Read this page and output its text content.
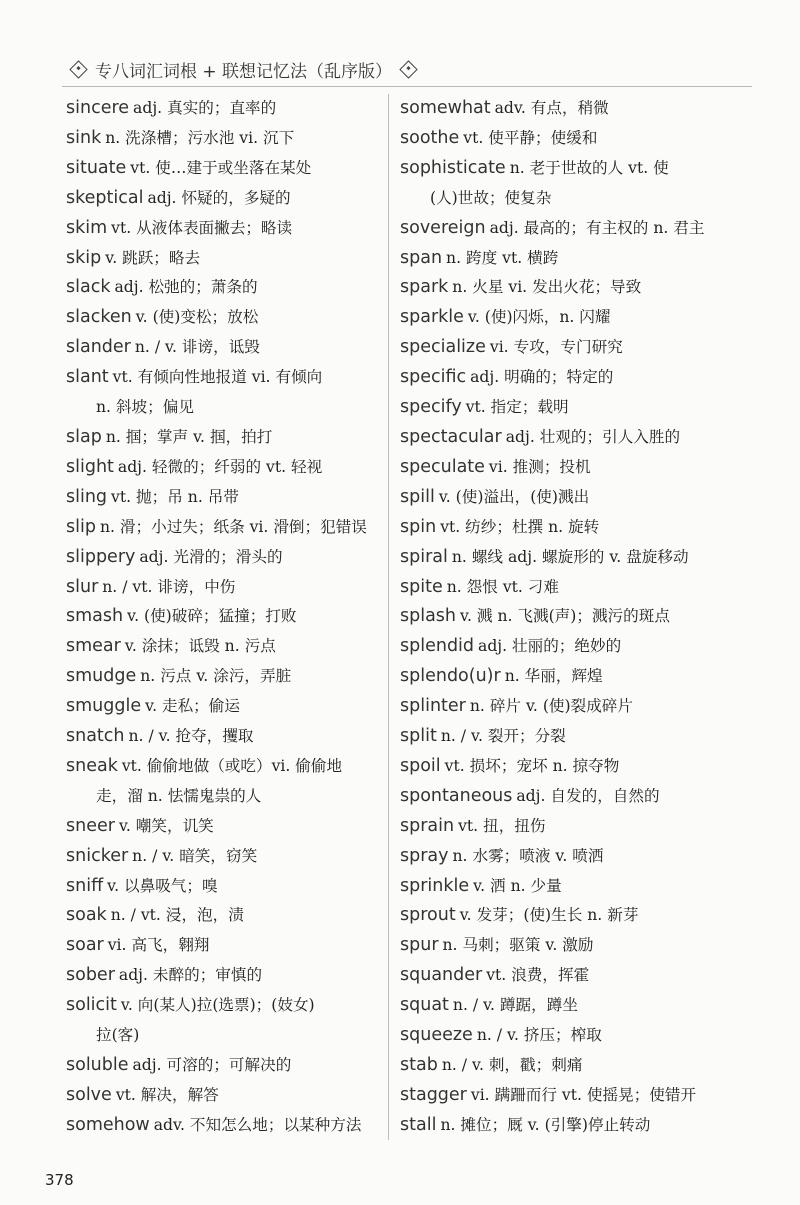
专八词汇词根 + 联想记忆法（乱序版）
sincere adj. 真实的；直率的
sink n. 洗涤槽；污水池 vi. 沉下
situate vt. 使…建于或坐落在某处
skeptical adj. 怀疑的，多疑的
skim vt. 从液体表面撇去；略读
skip v. 跳跃；略去
slack adj. 松弛的；萧条的
slacken v. (使)变松；放松
slander n. / v. 诽谤，诋毁
slant vt. 有倾向性地报道 vi. 有倾向
n. 斜坡；偏见
slap n. 掴；掌声 v. 掴，拍打
slight adj. 轻微的；纤弱的 vt. 轻视
sling vt. 抛；吊 n. 吊带
slip n. 滑；小过失；纸条 vi. 滑倒；犯错误
slippery adj. 光滑的；滑头的
slur n. / vt. 诽谤，中伤
smash v. (使)破碎；猛撞；打败
smear v. 涂抹；诋毁 n. 污点
smudge n. 污点 v. 涂污，弄脏
smuggle v. 走私；偷运
snatch n. / v. 抢夺，攫取
sneak vt. 偷偷地做（或吃）vi. 偷偷地
走，溜 n. 怯懦鬼祟的人
sneer v. 嘲笑，讥笑
snicker n. / v. 暗笑，窃笑
sniff v. 以鼻吸气；嗅
soak n. / vt. 浸，泡，渍
soar vi. 高飞，翱翔
sober adj. 未醉的；审慎的
solicit v. 向(某人)拉(选票)；(妓女)
拉(客)
soluble adj. 可溶的；可解决的
solve vt. 解决，解答
somehow adv. 不知怎么地；以某种方法
somewhat adv. 有点，稍微
soothe vt. 使平静；使缓和
sophisticate n. 老于世故的人 vt. 使
(人)世故；使复杂
sovereign adj. 最高的；有主权的 n. 君主
span n. 跨度 vt. 横跨
spark n. 火星 vi. 发出火花；导致
sparkle v. (使)闪烁，n. 闪耀
specialize vi. 专攻，专门研究
specific adj. 明确的；特定的
specify vt. 指定；载明
spectacular adj. 壮观的；引人入胜的
speculate vi. 推测；投机
spill v. (使)溢出，(使)溅出
spin vt. 纺纱；杜撰 n. 旋转
spiral n. 螺线 adj. 螺旋形的 v. 盘旋移动
spite n. 怨恨 vt. 刁难
splash v. 溅 n. 飞溅(声)；溅污的斑点
splendid adj. 壮丽的；绝妙的
splendo(u)r n. 华丽，辉煌
splinter n. 碎片 v. (使)裂成碎片
split n. / v. 裂开；分裂
spoil vt. 损坏；宠坏 n. 掠夺物
spontaneous adj. 自发的，自然的
sprain vt. 扭，扭伤
spray n. 水雾；喷液 v. 喷洒
sprinkle v. 洒 n. 少量
sprout v. 发芽；(使)生长 n. 新芽
spur n. 马刺；驱策 v. 激励
squander vt. 浪费，挥霍
squat n. / v. 蹲踞，蹲坐
squeeze n. / v. 挤压；榨取
stab n. / v. 刺，戳；刺痛
stagger vi. 蹒跚而行 vt. 使摇晃；使错开
stall n. 摊位；厩 v. (引擎)停止转动
378
